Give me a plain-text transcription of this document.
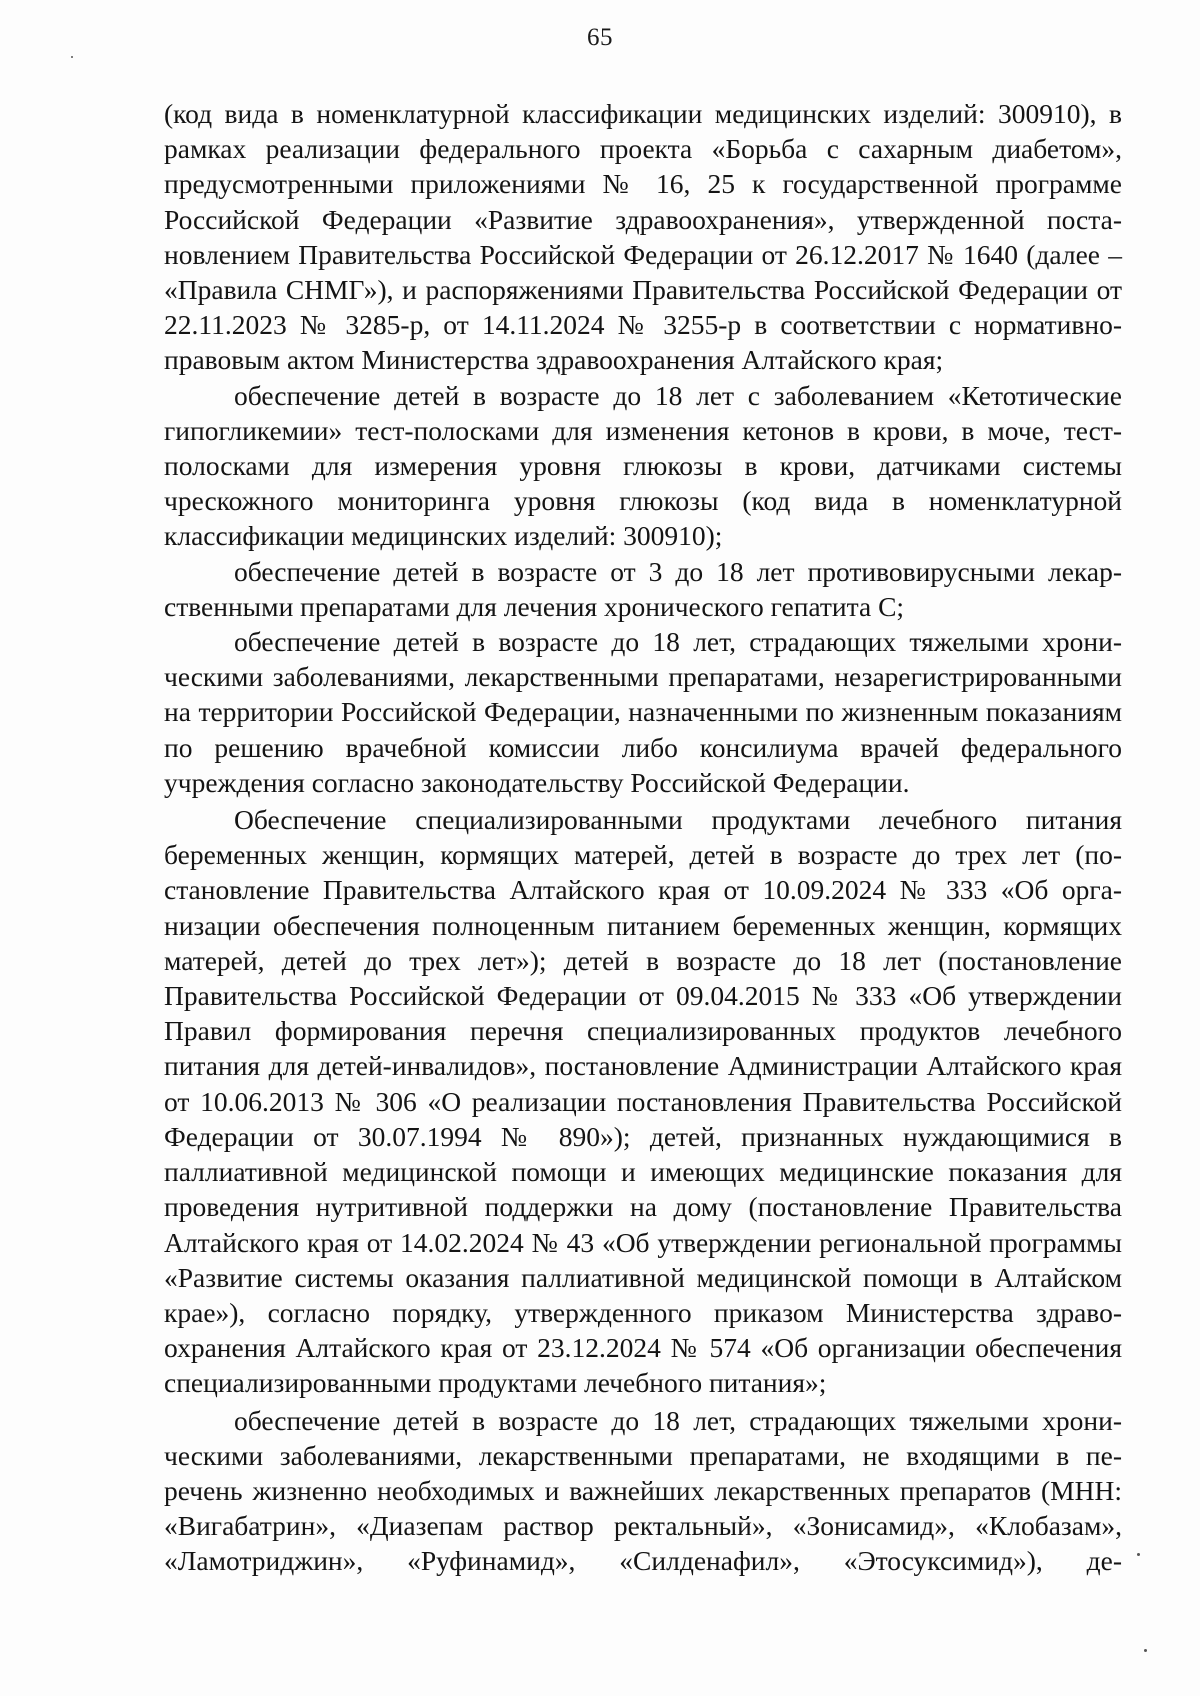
65

(код вида в номенклатурной классификации медицинских изделий: 300910), в рамках реализации федерального проекта «Борьба с сахарным диабетом», предусмотренными приложениями № 16, 25 к государственной программе Российской Федерации «Развитие здравоохранения», утвержденной постановлением Правительства Российской Федерации от 26.12.2017 № 1640 (далее – «Правила СНМГ»), и распоряжениями Правительства Российской Федерации от 22.11.2023 № 3285-р, от 14.11.2024 № 3255-р в соответствии с нормативно-правовым актом Министерства здравоохранения Алтайского края;

обеспечение детей в возрасте до 18 лет с заболеванием «Кетотические гипогликемии» тест-полосками для изменения кетонов в крови, в моче, тест-полосками для измерения уровня глюкозы в крови, датчиками системы чрескожного мониторинга уровня глюкозы (код вида в номенклатурной классификации медицинских изделий: 300910);

обеспечение детей в возрасте от 3 до 18 лет противовирусными лекарственными препаратами для лечения хронического гепатита С;

обеспечение детей в возрасте до 18 лет, страдающих тяжелыми хроническими заболеваниями, лекарственными препаратами, незарегистрированными на территории Российской Федерации, назначенными по жизненным показаниям по решению врачебной комиссии либо консилиума врачей федерального учреждения согласно законодательству Российской Федерации.

Обеспечение специализированными продуктами лечебного питания беременных женщин, кормящих матерей, детей в возрасте до трех лет (постановление Правительства Алтайского края от 10.09.2024 № 333 «Об организации обеспечения полноценным питанием беременных женщин, кормящих матерей, детей до трех лет»); детей в возрасте до 18 лет (постановление Правительства Российской Федерации от 09.04.2015 № 333 «Об утверждении Правил формирования перечня специализированных продуктов лечебного питания для детей-инвалидов», постановление Администрации Алтайского края от 10.06.2013 № 306 «О реализации постановления Правительства Российской Федерации от 30.07.1994 № 890»); детей, признанных нуждающимися в паллиативной медицинской помощи и имеющих медицинские показания для проведения нутритивной поддержки на дому (постановление Правительства Алтайского края от 14.02.2024 № 43 «Об утверждении региональной программы «Развитие системы оказания паллиативной медицинской помощи в Алтайском крае»), согласно порядку, утвержденного приказом Министерства здравоохранения Алтайского края от 23.12.2024 № 574 «Об организации обеспечения специализированными продуктами лечебного питания»;

обеспечение детей в возрасте до 18 лет, страдающих тяжелыми хроническими заболеваниями, лекарственными препаратами, не входящими в перечень жизненно необходимых и важнейших лекарственных препаратов (МНН: «Вигабатрин», «Диазепам раствор ректальный», «Зонисамид», «Клобазам», «Ламотриджин», «Руфинамид», «Силденафил», «Этосуксимид»), де-
